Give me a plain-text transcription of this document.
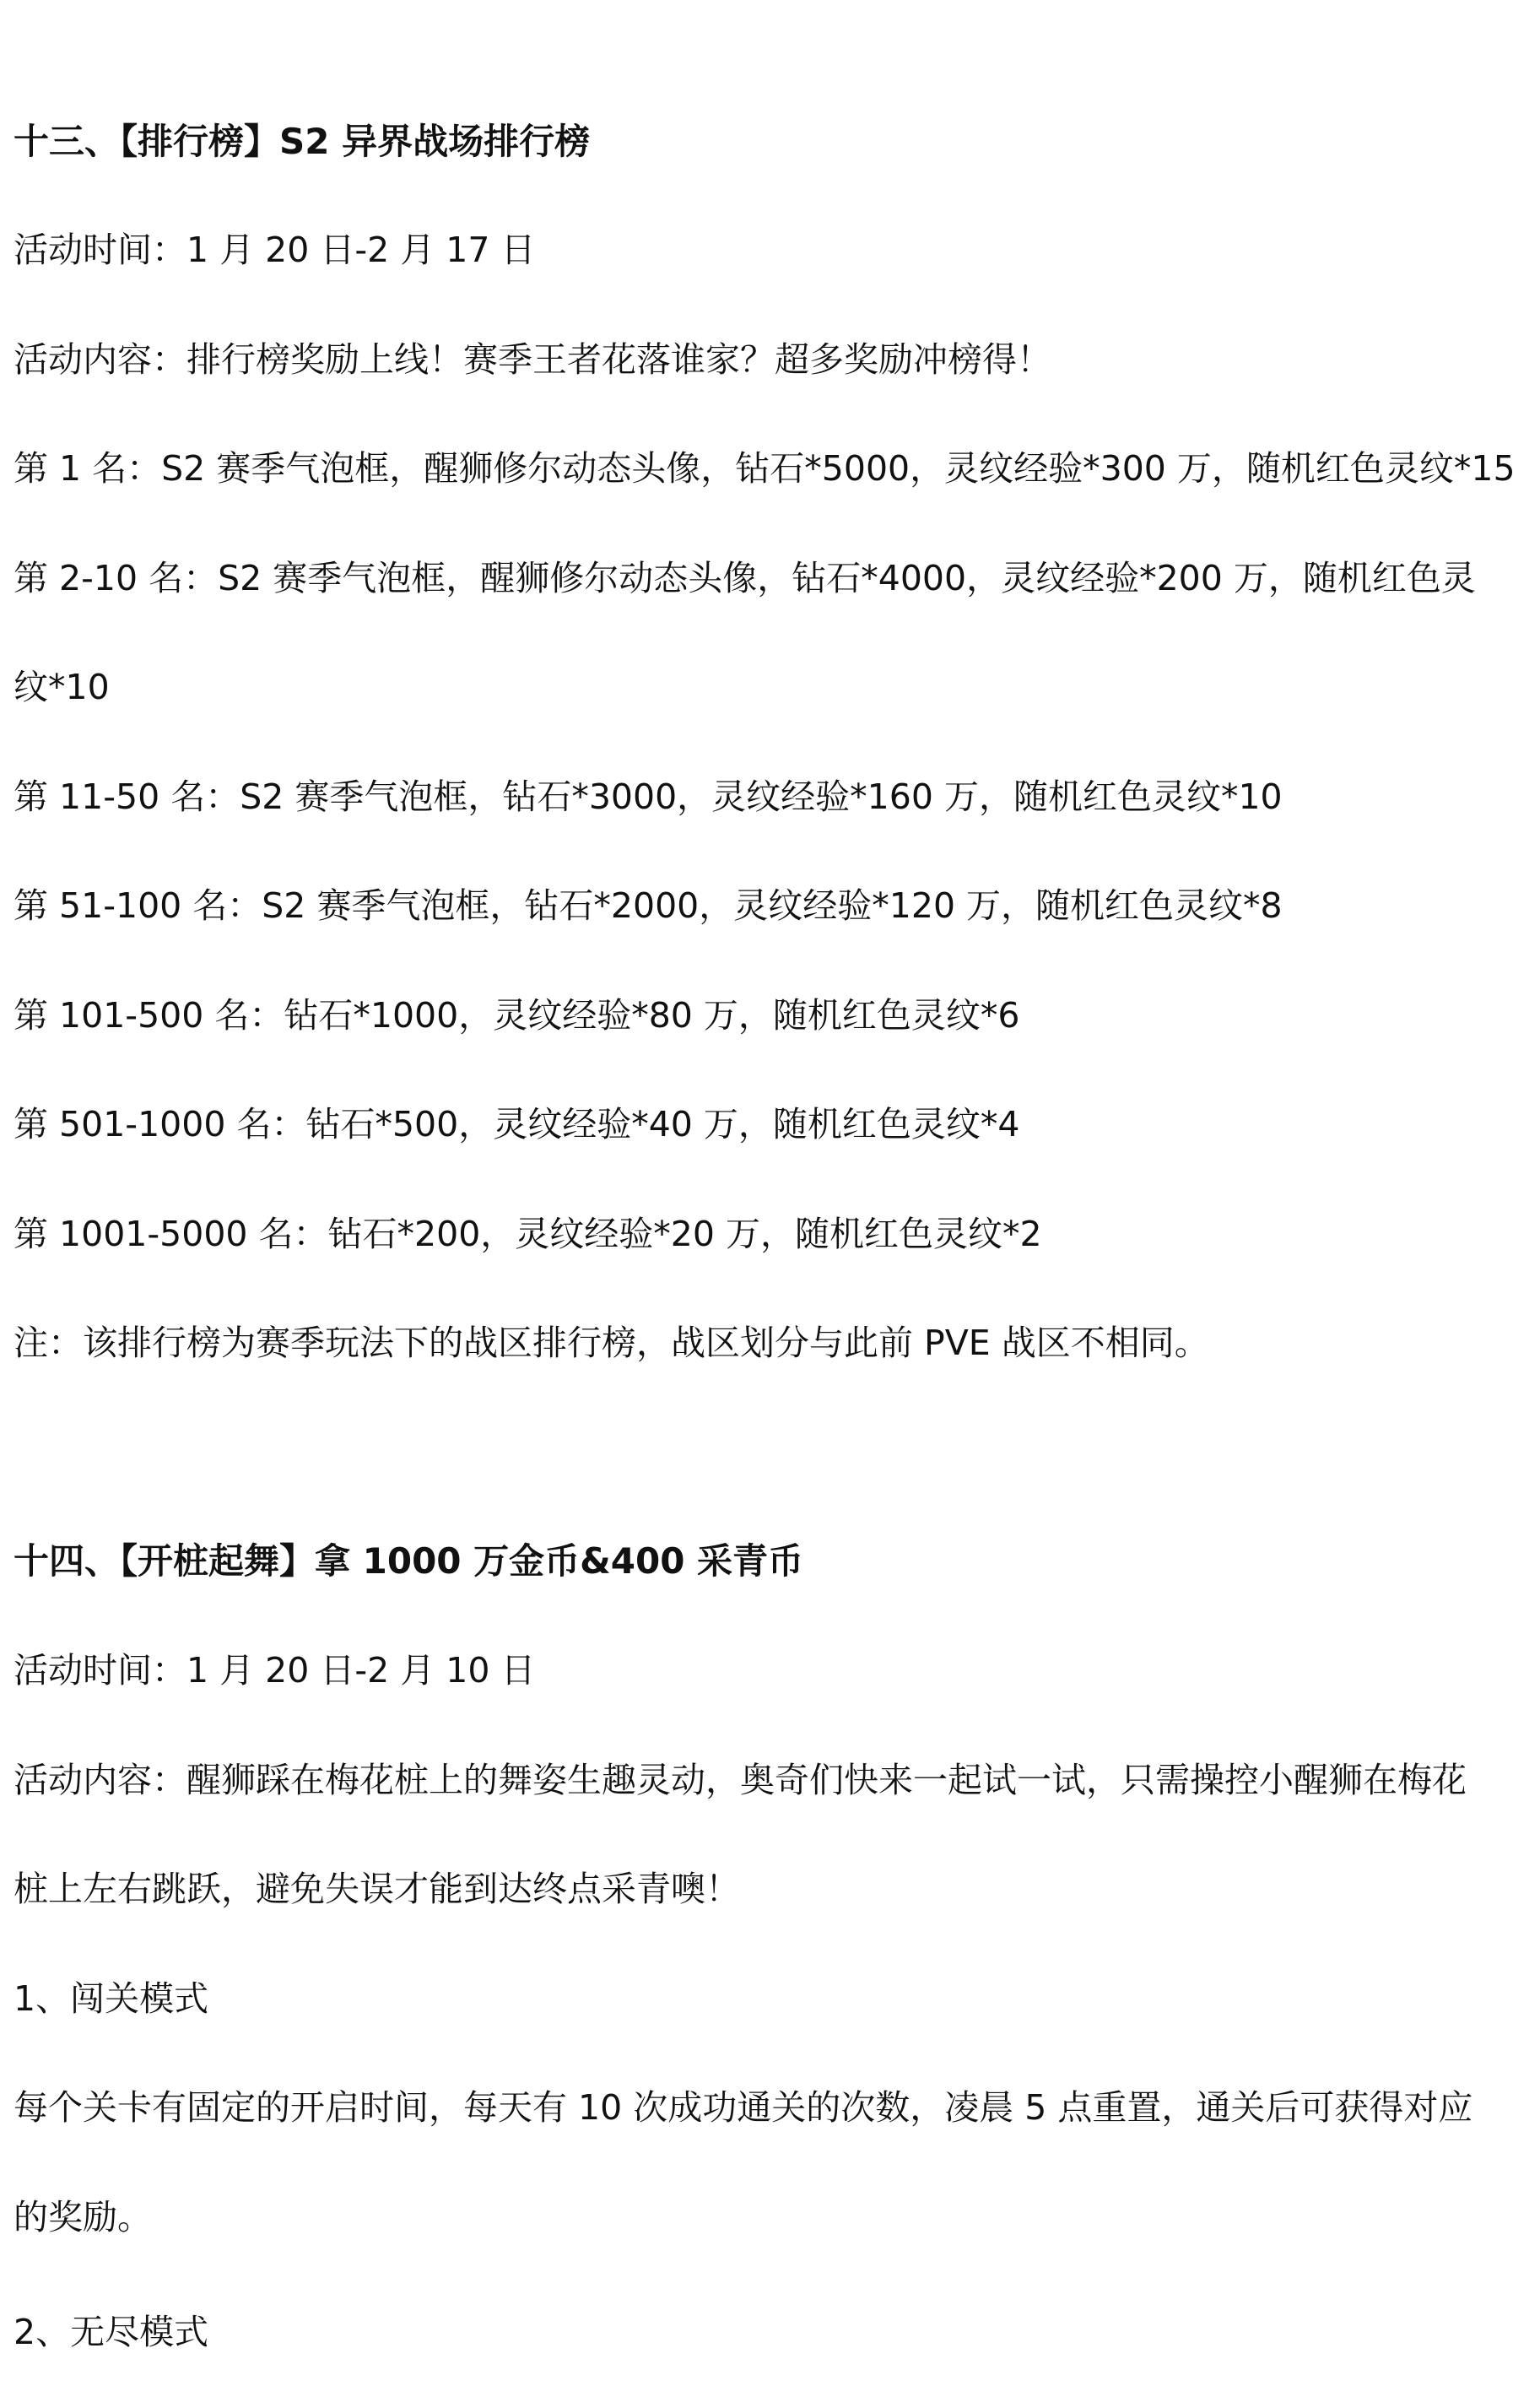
十三、【排行榜】S2 异界战场排行榜

活动时间：1 月 20 日-2 月 17 日

活动内容：排行榜奖励上线！赛季王者花落谁家？超多奖励冲榜得！

第 1 名：S2 赛季气泡框，醒狮修尔动态头像，钻石*5000，灵纹经验*300 万，随机红色灵纹*15

第 2-10 名：S2 赛季气泡框，醒狮修尔动态头像，钻石*4000，灵纹经验*200 万，随机红色灵

纹*10

第 11-50 名：S2 赛季气泡框，钻石*3000，灵纹经验*160 万，随机红色灵纹*10

第 51-100 名：S2 赛季气泡框，钻石*2000，灵纹经验*120 万，随机红色灵纹*8

第 101-500 名：钻石*1000，灵纹经验*80 万，随机红色灵纹*6

第 501-1000 名：钻石*500，灵纹经验*40 万，随机红色灵纹*4

第 1001-5000 名：钻石*200，灵纹经验*20 万，随机红色灵纹*2

注：该排行榜为赛季玩法下的战区排行榜，战区划分与此前 PVE 战区不相同。

十四、【开桩起舞】拿 1000 万金币&400 采青币

活动时间：1 月 20 日-2 月 10 日

活动内容：醒狮踩在梅花桩上的舞姿生趣灵动，奥奇们快来一起试一试，只需操控小醒狮在梅花

桩上左右跳跃，避免失误才能到达终点采青噢！

1、闯关模式

每个关卡有固定的开启时间，每天有 10 次成功通关的次数，凌晨 5 点重置，通关后可获得对应

的奖励。

2、无尽模式
